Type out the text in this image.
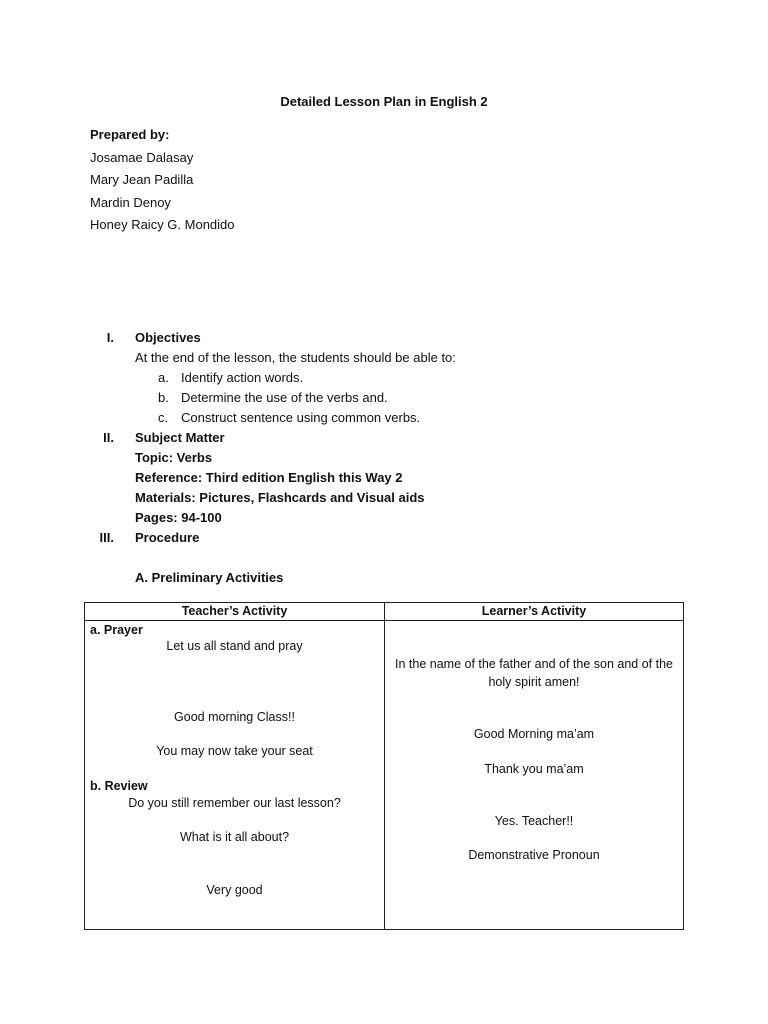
Detailed Lesson Plan in English 2
Prepared by:
Josamae Dalasay
Mary Jean Padilla
Mardin Denoy
Honey Raicy G. Mondido
I. Objectives
At the end of the lesson, the students should be able to:
a. Identify action words.
b. Determine the use of the verbs and.
c. Construct sentence using common verbs.
II. Subject Matter
Topic: Verbs
Reference: Third edition English this Way 2
Materials: Pictures, Flashcards and Visual aids
Pages: 94-100
III. Procedure
A. Preliminary Activities
Teacher’s Activity	Learner’s Activity
a. Prayer
Let us all stand and pray
Good morning Class!!
You may now take your seat
b. Review
Do you still remember our last lesson?
What is it all about?
Very good
In the name of the father and of the son and of the
holy spirit amen!
Good Morning ma’am
Thank you ma’am
Yes. Teacher!!
Demonstrative Pronoun
